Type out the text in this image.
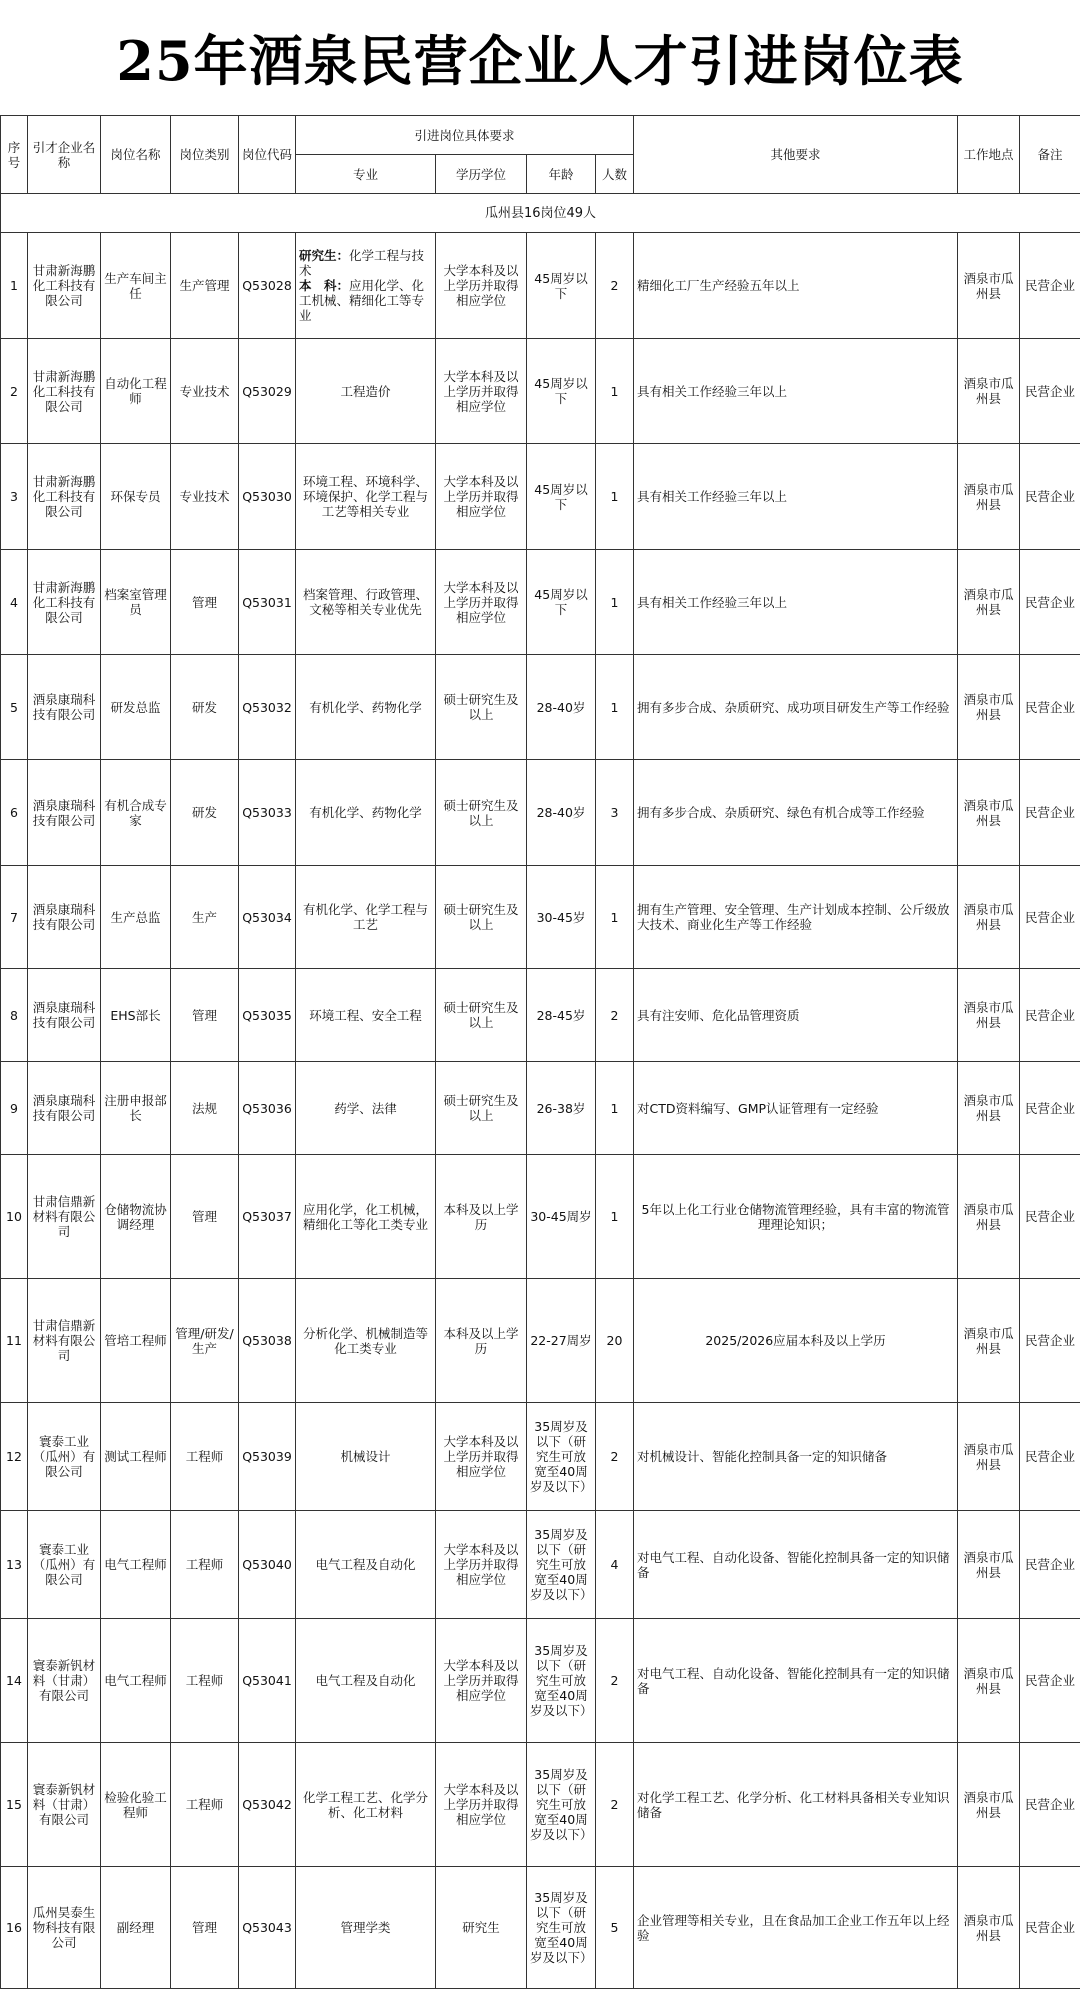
25年酒泉民营企业人才引进岗位表
序号	引才企业名称	岗位名称	岗位类别	岗位代码	引进岗位具体要求				其他要求	工作地点	备注
					专业	学历学位	年龄	人数			
瓜州县16岗位49人											
1	甘肃新海鹏化工科技有限公司	生产车间主任	生产管理	Q53028	研究生：化学工程与技术
本　科：应用化学、化工机械、精细化工等专业	大学本科及以上学历并取得相应学位	45周岁以下	2	精细化工厂生产经验五年以上	酒泉市瓜州县	民营企业
2	甘肃新海鹏化工科技有限公司	自动化工程师	专业技术	Q53029	工程造价	大学本科及以上学历并取得相应学位	45周岁以下	1	具有相关工作经验三年以上	酒泉市瓜州县	民营企业
3	甘肃新海鹏化工科技有限公司	环保专员	专业技术	Q53030	环境工程、环境科学、环境保护、化学工程与工艺等相关专业	大学本科及以上学历并取得相应学位	45周岁以下	1	具有相关工作经验三年以上	酒泉市瓜州县	民营企业
4	甘肃新海鹏化工科技有限公司	档案室管理员	管理	Q53031	档案管理、行政管理、文秘等相关专业优先	大学本科及以上学历并取得相应学位	45周岁以下	1	具有相关工作经验三年以上	酒泉市瓜州县	民营企业
5	酒泉康瑞科技有限公司	研发总监	研发	Q53032	有机化学、药物化学	硕士研究生及以上	28-40岁	1	拥有多步合成、杂质研究、成功项目研发生产等工作经验	酒泉市瓜州县	民营企业
6	酒泉康瑞科技有限公司	有机合成专家	研发	Q53033	有机化学、药物化学	硕士研究生及以上	28-40岁	3	拥有多步合成、杂质研究、绿色有机合成等工作经验	酒泉市瓜州县	民营企业
7	酒泉康瑞科技有限公司	生产总监	生产	Q53034	有机化学、化学工程与工艺	硕士研究生及以上	30-45岁	1	拥有生产管理、安全管理、生产计划成本控制、公斤级放大技术、商业化生产等工作经验	酒泉市瓜州县	民营企业
8	酒泉康瑞科技有限公司	EHS部长	管理	Q53035	环境工程、安全工程	硕士研究生及以上	28-45岁	2	具有注安师、危化品管理资质	酒泉市瓜州县	民营企业
9	酒泉康瑞科技有限公司	注册申报部长	法规	Q53036	药学、法律	硕士研究生及以上	26-38岁	1	对CTD资料编写、GMP认证管理有一定经验	酒泉市瓜州县	民营企业
10	甘肃信鼎新材料有限公司	仓储物流协调经理	管理	Q53037	应用化学，化工机械，精细化工等化工类专业	本科及以上学历	30-45周岁	1	5年以上化工行业仓储物流管理经验，具有丰富的物流管理理论知识；	酒泉市瓜州县	民营企业
11	甘肃信鼎新材料有限公司	管培工程师	管理/研发/生产	Q53038	分析化学、机械制造等化工类专业	本科及以上学历	22-27周岁	20	2025/2026应届本科及以上学历	酒泉市瓜州县	民营企业
12	寰泰工业（瓜州）有限公司	测试工程师	工程师	Q53039	机械设计	大学本科及以上学历并取得相应学位	35周岁及以下（研究生可放宽至40周岁及以下）	2	对机械设计、智能化控制具备一定的知识储备	酒泉市瓜州县	民营企业
13	寰泰工业（瓜州）有限公司	电气工程师	工程师	Q53040	电气工程及自动化	大学本科及以上学历并取得相应学位	35周岁及以下（研究生可放宽至40周岁及以下）	4	对电气工程、自动化设备、智能化控制具备一定的知识储备	酒泉市瓜州县	民营企业
14	寰泰新钒材料（甘肃）有限公司	电气工程师	工程师	Q53041	电气工程及自动化	大学本科及以上学历并取得相应学位	35周岁及以下（研究生可放宽至40周岁及以下）	2	对电气工程、自动化设备、智能化控制具有一定的知识储备	酒泉市瓜州县	民营企业
15	寰泰新钒材料（甘肃）有限公司	检验化验工程师	工程师	Q53042	化学工程工艺、化学分析、化工材料	大学本科及以上学历并取得相应学位	35周岁及以下（研究生可放宽至40周岁及以下）	2	对化学工程工艺、化学分析、化工材料具备相关专业知识储备	酒泉市瓜州县	民营企业
16	瓜州昊泰生物科技有限公司	副经理	管理	Q53043	管理学类	研究生	35周岁及以下（研究生可放宽至40周岁及以下）	5	企业管理等相关专业，且在食品加工企业工作五年以上经验	酒泉市瓜州县	民营企业
